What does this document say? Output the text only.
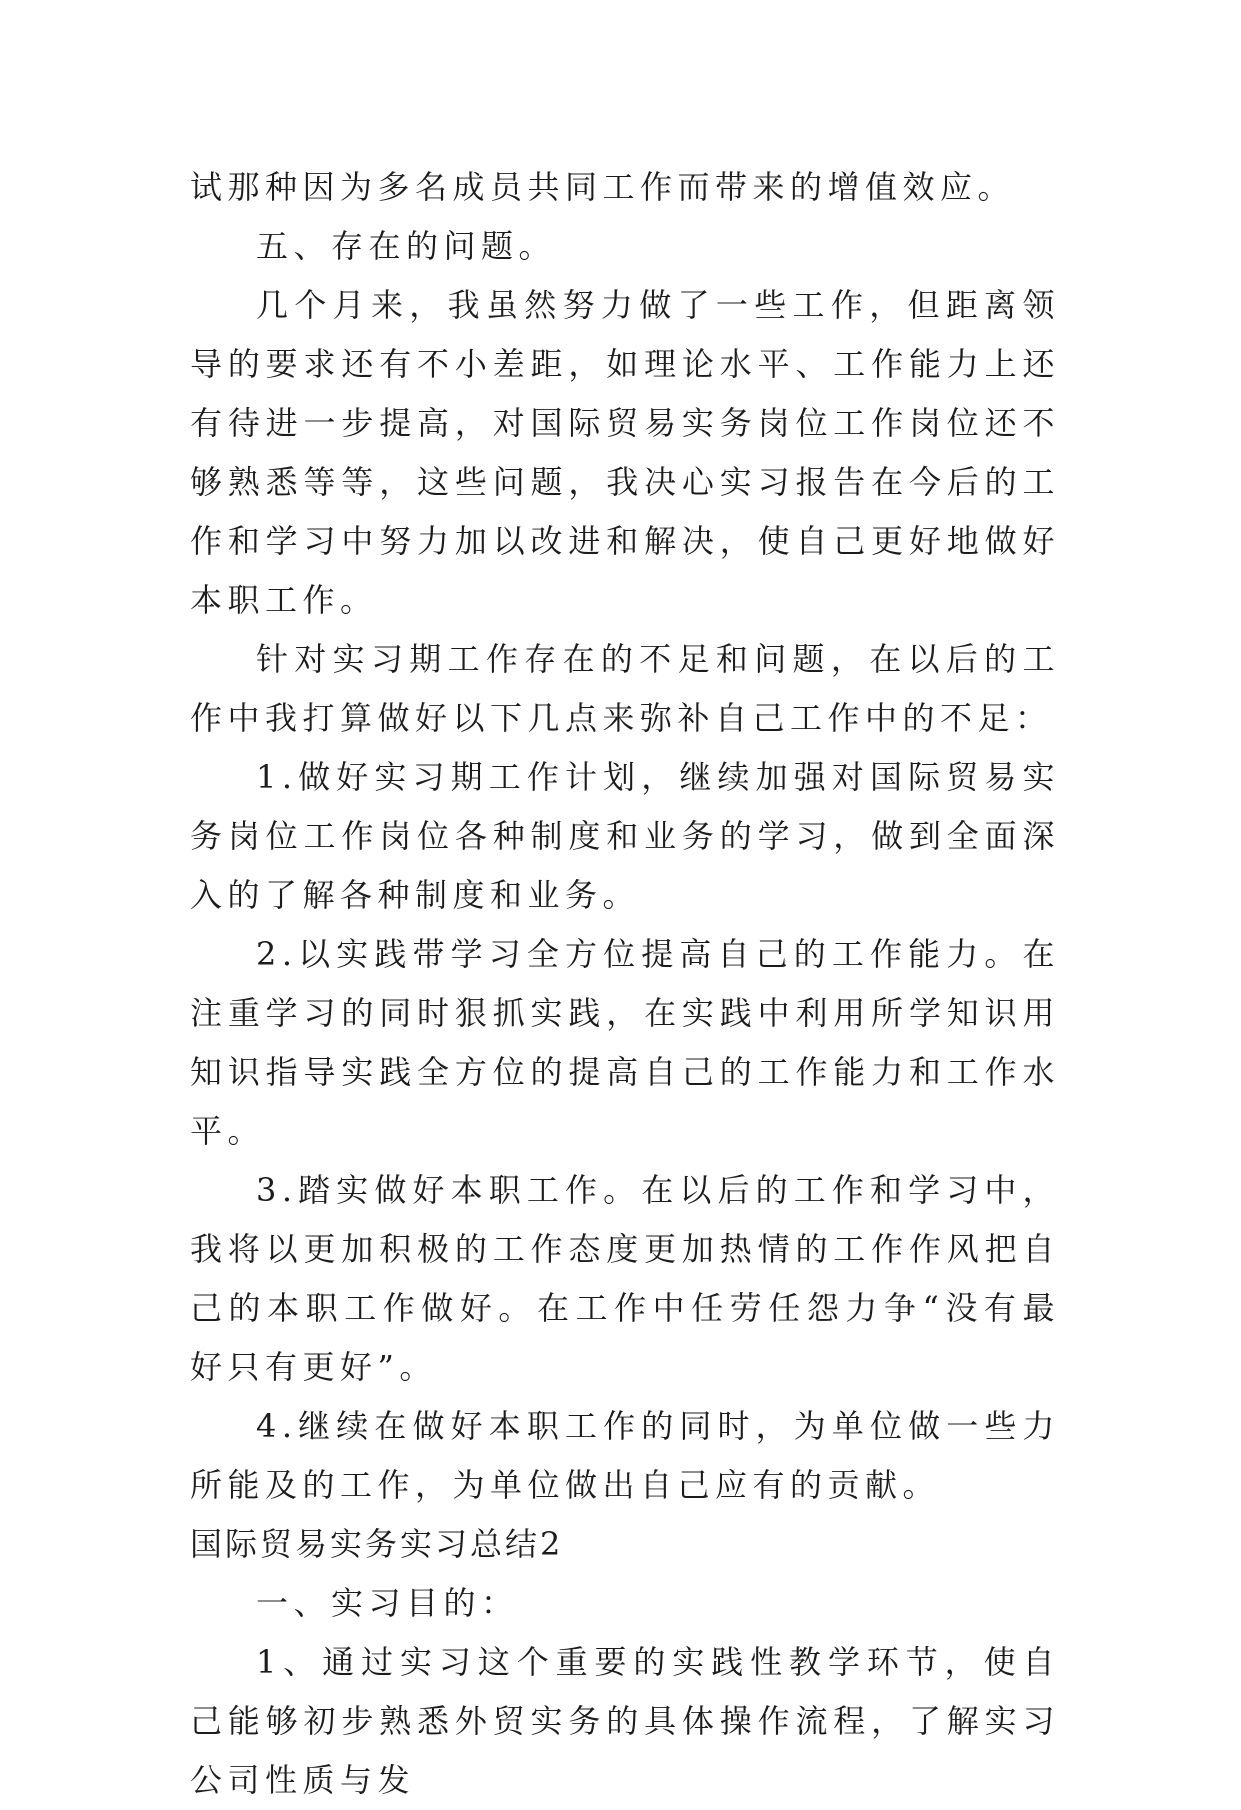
试那种因为多名成员共同工作而带来的增值效应。

五、存在的问题。

几个月来，我虽然努力做了一些工作，但距离领导的要求还有不小差距，如理论水平、工作能力上还有待进一步提高，对国际贸易实务岗位工作岗位还不够熟悉等等，这些问题，我决心实习报告在今后的工作和学习中努力加以改进和解决，使自己更好地做好本职工作。

针对实习期工作存在的不足和问题，在以后的工作中我打算做好以下几点来弥补自己工作中的不足：

1.做好实习期工作计划，继续加强对国际贸易实务岗位工作岗位各种制度和业务的学习，做到全面深入的了解各种制度和业务。

2.以实践带学习全方位提高自己的工作能力。在注重学习的同时狠抓实践，在实践中利用所学知识用知识指导实践全方位的提高自己的工作能力和工作水平。

3.踏实做好本职工作。在以后的工作和学习中，我将以更加积极的工作态度更加热情的工作作风把自己的本职工作做好。在工作中任劳任怨力争“没有最好只有更好”。

4.继续在做好本职工作的同时，为单位做一些力所能及的工作，为单位做出自己应有的贡献。

国际贸易实务实习总结2

一、实习目的：

1、通过实习这个重要的实践性教学环节，使自己能够初步熟悉外贸实务的具体操作流程，了解实习公司性质与发
